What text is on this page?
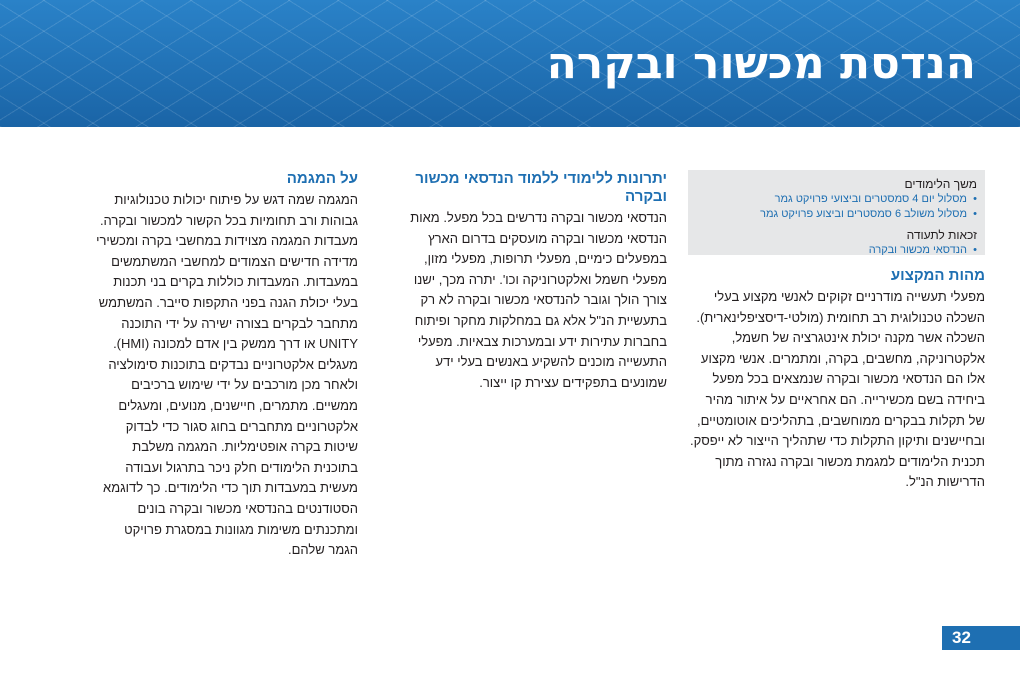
הנדסת מכשור ובקרה

משך הלימודים

•
מסלול יום 4 סמסטרים וביצועי פרויקט גמר
•
מסלול משולב 6 סמסטרים וביצוע פרויקט גמר

זכאות לתעודה

•
הנדסאי מכשור ובקרה
מהות המקצוע

מפעלי תעשייה מודרניים זקוקים לאנשי מקצוע בעלי השכלה טכנולוגית רב תחומית (מולטי-דיסציפלינארית). השכלה אשר מקנה יכולת אינטגרציה של חשמל, אלקטרוניקה, מחשבים, בקרה, ומתמרים. אנשי מקצוע אלו הם הנדסאי מכשור ובקרה שנמצאים בכל מפעל ביחידה בשם מכשירייה. הם אחראיים על איתור מהיר של תקלות בבקרים ממוחשבים, בתהליכים אוטומטיים, ובחיישנים ותיקון התקלות כדי שתהליך הייצור לא ייפסק. תכנית הלימודים למגמת מכשור ובקרה נגזרה מתוך הדרישות הנ"ל.

יתרונות ללימודי ללמוד הנדסאי מכשור ובקרה

הנדסאי מכשור ובקרה נדרשים בכל מפעל. מאות הנדסאי מכשור ובקרה מועסקים בדרום הארץ במפעלים כימיים, מפעלי תרופות, מפעלי מזון, מפעלי חשמל ואלקטרוניקה וכו'. יתרה מכך, ישנו צורך הולך וגובר להנדסאי מכשור ובקרה לא רק בתעשיית הנ"ל אלא גם במחלקות מחקר ופיתוח בחברות עתירות ידע ובמערכות צבאיות. מפעלי התעשייה מוכנים להשקיע באנשים בעלי ידע שמונעים בתפקידים עצירת קו ייצור.

על המגמה

המגמה שמה דגש על פיתוח יכולות טכנולוגיות גבוהות ורב תחומיות בכל הקשור למכשור ובקרה. מעבדות המגמה מצוידות במחשבי בקרה ומכשירי מדידה חדישים הצמודים למחשבי המשתמשים במעבדות. המעבדות כוללות בקרים בני תכנות בעלי יכולת הגנה בפני התקפות סייבר. המשתמש מתחבר לבקרים בצורה ישירה על ידי התוכנה UNITY או דרך ממשק בין אדם למכונה (HMI). מעגלים אלקטרוניים נבדקים בתוכנות סימולציה ולאחר מכן מורכבים על ידי שימוש ברכיבים ממשיים. מתמרים, חיישנים, מנועים, ומעגלים אלקטרוניים מתחברים בחוג סגור כדי לבדוק שיטות בקרה אופטימליות. המגמה משלבת בתוכנית הלימודים חלק ניכר בתרגול ועבודה מעשית במעבדות תוך כדי הלימודים. כך לדוגמא הסטודנטים בהנדסאי מכשור ובקרה בונים ומתכנתים משימות מגוונות במסגרת פרויקט הגמר שלהם.

32
